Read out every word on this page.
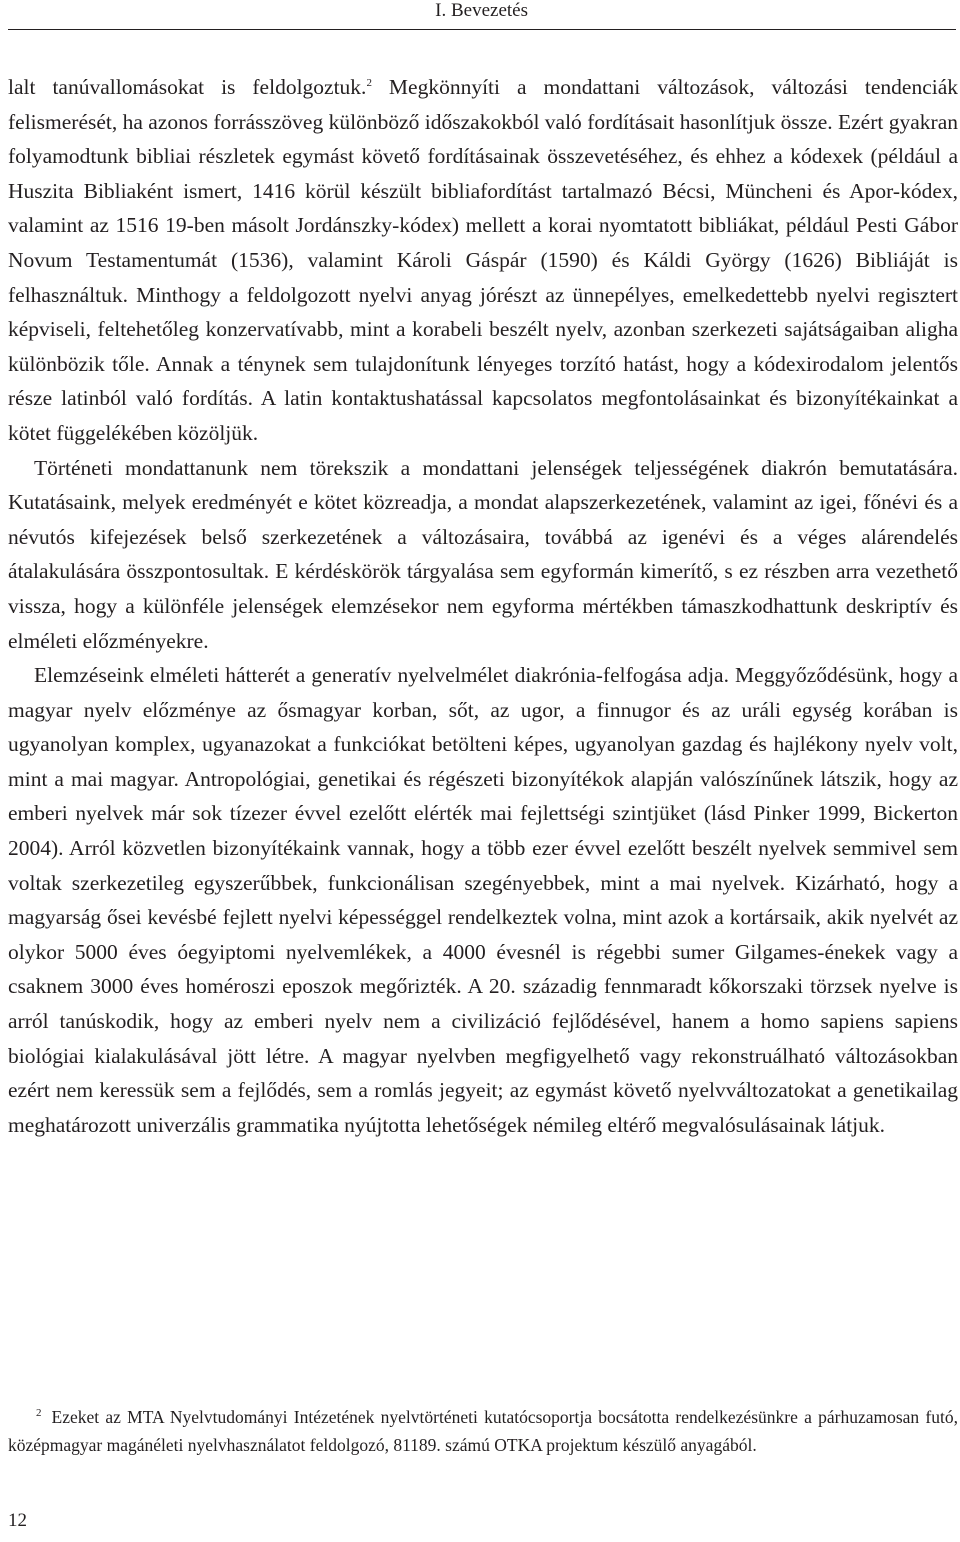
I. Bevezetés

lalt tanúvallomásokat is feldolgoztuk.$^2$ Megkönnyíti a mondattani változások, változási tendenciák felismerését, ha azonos forrásszöveg különböző időszakokból való fordításait hasonlítjuk össze. Ezért gyakran folyamodtunk bibliai részletek egymást követő fordításainak összevetéséhez, és ehhez a kódexek (például a Huszita Bibliaként ismert, 1416 körül készült bibliafordítást tartalmazó Bécsi, Müncheni és Apor-kódex, valamint az 1516 19-ben másolt Jordánszky-kódex) mellett a korai nyomtatott bibliákat, például Pesti Gábor Novum Testamentumát (1536), valamint Károli Gáspár (1590) és Káldi György (1626) Bibliáját is felhasználtuk. Minthogy a feldolgozott nyelvi anyag jórészt az ünnepélyes, emelkedettebb nyelvi regisztert képviseli, feltehetőleg konzervatívabb, mint a korabeli beszélt nyelv, azonban szerkezeti sajátságaiban aligha különbözik tőle. Annak a ténynek sem tulajdonítunk lényeges torzító hatást, hogy a kódexirodalom jelentős része latinból való fordítás. A latin kontaktushatással kapcsolatos megfontolásainkat és bizonyítékainkat a kötet függelékében közöljük.

Történeti mondattanunk nem törekszik a mondattani jelenségek teljességének diakrón bemutatására. Kutatásaink, melyek eredményét e kötet közreadja, a mondat alapszerkezetének, valamint az igei, főnévi és a névutós kifejezések belső szerkezetének a változásaira, továbbá az igenévi és a véges alárendelés átalakulására összpontosultak. E kérdéskörök tárgyalása sem egyformán kimerítő, s ez részben arra vezethető vissza, hogy a különféle jelenségek elemzésekor nem egyforma mértékben támaszkodhattunk deskriptív és elméleti előzményekre.

Elemzéseink elméleti hátterét a generatív nyelvelmélet diakrónia-felfogása adja. Meggyőződésünk, hogy a magyar nyelv előzménye az ősmagyar korban, sőt, az ugor, a finnugor és az uráli egység korában is ugyanolyan komplex, ugyanazokat a funkciókat betölteni képes, ugyanolyan gazdag és hajlékony nyelv volt, mint a mai magyar. Antropológiai, genetikai és régészeti bizonyítékok alapján valószínűnek látszik, hogy az emberi nyelvek már sok tízezer évvel ezelőtt elérték mai fejlettségi szintjüket (lásd Pinker 1999, Bickerton 2004). Arról közvetlen bizonyítékaink vannak, hogy a több ezer évvel ezelőtt beszélt nyelvek semmivel sem voltak szerkezetileg egyszerűbbek, funkcionálisan szegényebbek, mint a mai nyelvek. Kizárható, hogy a magyarság ősei kevésbé fejlett nyelvi képességgel rendelkeztek volna, mint azok a kortársaik, akik nyelvét az olykor 5000 éves óegyiptomi nyelvemlékek, a 4000 évesnél is régebbi sumer Gilgames-énekek vagy a csaknem 3000 éves homéroszi eposzok megőrizték. A 20. századig fennmaradt kőkorszaki törzsek nyelve is arról tanúskodik, hogy az emberi nyelv nem a civilizáció fejlődésével, hanem a homo sapiens sapiens biológiai kialakulásával jött létre. A magyar nyelvben megfigyelhető vagy rekonstruálható változásokban ezért nem keressük sem a fejlődés, sem a romlás jegyeit; az egymást követő nyelvváltozatokat a genetikailag meghatározott univerzális grammatika nyújtotta lehetőségek némileg eltérő megvalósulásainak látjuk.

$^2$ Ezeket az MTA Nyelvtudományi Intézetének nyelvtörténeti kutatócsoportja bocsátotta rendelkezésünkre a párhuzamosan futó, középmagyar magánéleti nyelvhasználatot feldolgozó, 81189. számú OTKA projektum készülő anyagából.
12
